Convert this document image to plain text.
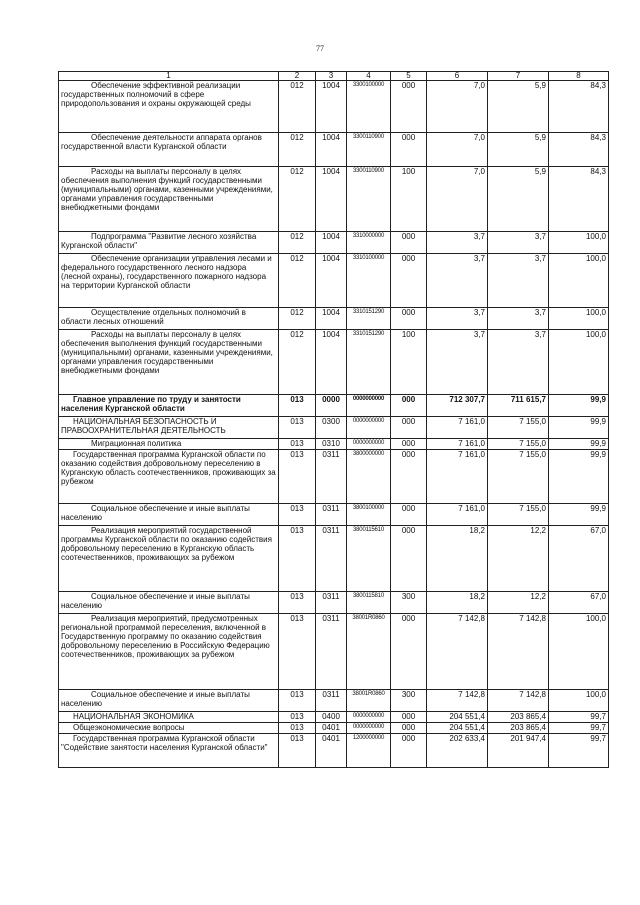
77
1	2	3	4	5	6	7	8
Обеспечение эффективной реализации государственных полномочий в сфере природопользования и охраны окружающей среды	012	1004	3300100000	000	7,0	5,9	84,3
Обеспечение деятельности аппарата органов государственной власти Курганской области	012	1004	3300110900	000	7,0	5,9	84,3
Расходы на выплаты персоналу в целях обеспечения выполнения функций государственными (муниципальными) органами, казенными учреждениями, органами управления государственными внебюджетными фондами	012	1004	3300110900	100	7,0	5,9	84,3
Подпрограмма "Развитие лесного хозяйства Курганской области"	012	1004	3310000000	000	3,7	3,7	100,0
Обеспечение организации управления лесами и федерального государственного лесного надзора (лесной охраны), государственного пожарного надзора на территории Курганской области	012	1004	3310100000	000	3,7	3,7	100,0
Осуществление отдельных полномочий в области лесных отношений	012	1004	3310151290	000	3,7	3,7	100,0
Расходы на выплаты персоналу в целях обеспечения выполнения функций государственными (муниципальными) органами, казенными учреждениями, органами управления государственными внебюджетными фондами	012	1004	3310151290	100	3,7	3,7	100,0
Главное управление по труду и занятости населения Курганской области	013	0000	0000000000	000	712 307,7	711 615,7	99,9
НАЦИОНАЛЬНАЯ БЕЗОПАСНОСТЬ И ПРАВООХРАНИТЕЛЬНАЯ ДЕЯТЕЛЬНОСТЬ	013	0300	0000000000	000	7 161,0	7 155,0	99,9
Миграционная политика	013	0310	0000000000	000	7 161,0	7 155,0	99,9
Государственная программа Курганской области по оказанию содействия добровольному переселению в Курганскую область соотечественников, проживающих за рубежом	013	0311	3800000000	000	7 161,0	7 155,0	99,9
Социальное обеспечение и иные выплаты населению	013	0311	3800100000	000	7 161,0	7 155,0	99,9
Реализация мероприятий государственной программы Курганской области по оказанию содействия добровольному переселению в Курганскую область соотечественников, проживающих за рубежом	013	0311	3800115610	000	18,2	12,2	67,0
Социальное обеспечение и иные выплаты населению	013	0311	3800115810	300	18,2	12,2	67,0
Реализация мероприятий, предусмотренных региональной программой переселения, включенной в Государственную программу по оказанию содействия добровольному переселению в Российскую Федерацию соотечественников, проживающих за рубежом	013	0311	38001R0860	000	7 142,8	7 142,8	100,0
Социальное обеспечение и иные выплаты населению	013	0311	38001R0860	300	7 142,8	7 142,8	100,0
НАЦИОНАЛЬНАЯ ЭКОНОМИКА	013	0400	0000000000	000	204 551,4	203 865,4	99,7
Общеэкономические вопросы	013	0401	0000000000	000	204 551,4	203 865,4	99,7
Государственная программа Курганской области "Содействие занятости населения Курганской области"	013	0401	1200000000	000	202 633,4	201 947,4	99,7
